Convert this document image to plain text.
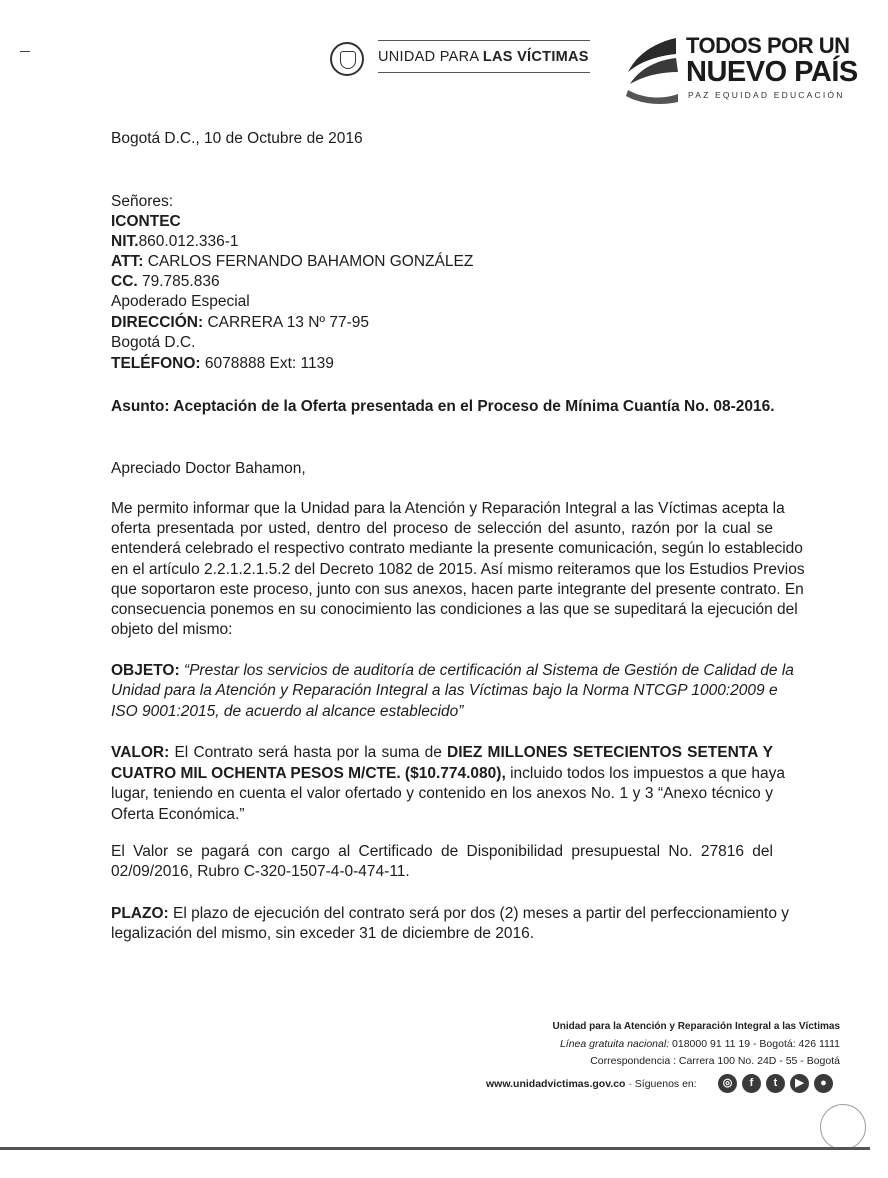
UNIDAD PARA LAS VÍCTIMAS	TODOS POR UN
NUEVO PAÍS
PAZ EQUIDAD EDUCACIÓN
Bogotá D.C., 10 de Octubre de 2016
Señores:
ICONTEC
NIT.860.012.336-1
ATT: CARLOS FERNANDO BAHAMON GONZÁLEZ
CC. 79.785.836
Apoderado Especial
DIRECCIÓN: CARRERA 13 Nº 77-95
Bogotá D.C.
TELÉFONO: 6078888 Ext: 1139
Asunto: Aceptación de la Oferta presentada en el Proceso de Mínima Cuantía No. 08-2016.
Apreciado Doctor Bahamon,
Me permito informar que la Unidad para la Atención y Reparación Integral a las Víctimas acepta la
oferta presentada por usted, dentro del proceso de selección del asunto, razón por la cual se
entenderá celebrado el respectivo contrato mediante la presente comunicación, según lo establecido
en el artículo 2.2.1.2.1.5.2 del Decreto 1082 de 2015. Así mismo reiteramos que los Estudios Previos
que soportaron este proceso, junto con sus anexos, hacen parte integrante del presente contrato. En
consecuencia ponemos en su conocimiento las condiciones a las que se supeditará la ejecución del
objeto del mismo:
OBJETO: “Prestar los servicios de auditoría de certificación al Sistema de Gestión de Calidad de la
Unidad para la Atención y Reparación Integral a las Víctimas bajo la Norma NTCGP 1000:2009 e
ISO 9001:2015, de acuerdo al alcance establecido”
VALOR: El Contrato será hasta por la suma de DIEZ MILLONES SETECIENTOS SETENTA Y
CUATRO MIL OCHENTA PESOS M/CTE. ($10.774.080), incluido todos los impuestos a que haya
lugar, teniendo en cuenta el valor ofertado y contenido en los anexos No. 1 y 3 “Anexo técnico y
Oferta Económica.”
El Valor se pagará con cargo al Certificado de Disponibilidad presupuestal No. 27816 del
02/09/2016, Rubro C-320-1507-4-0-474-11.
PLAZO: El plazo de ejecución del contrato será por dos (2) meses a partir del perfeccionamiento y
legalización del mismo, sin exceder 31 de diciembre de 2016.
Unidad para la Atención y Reparación Integral a las Víctimas
Línea gratuita nacional: 018000 91 11 19 - Bogotá: 426 1111
Correspondencia : Carrera 100 No. 24D - 55 - Bogotá
www.unidadvictimas.gov.co · Síguenos en:	◎ f t ▶ ●
